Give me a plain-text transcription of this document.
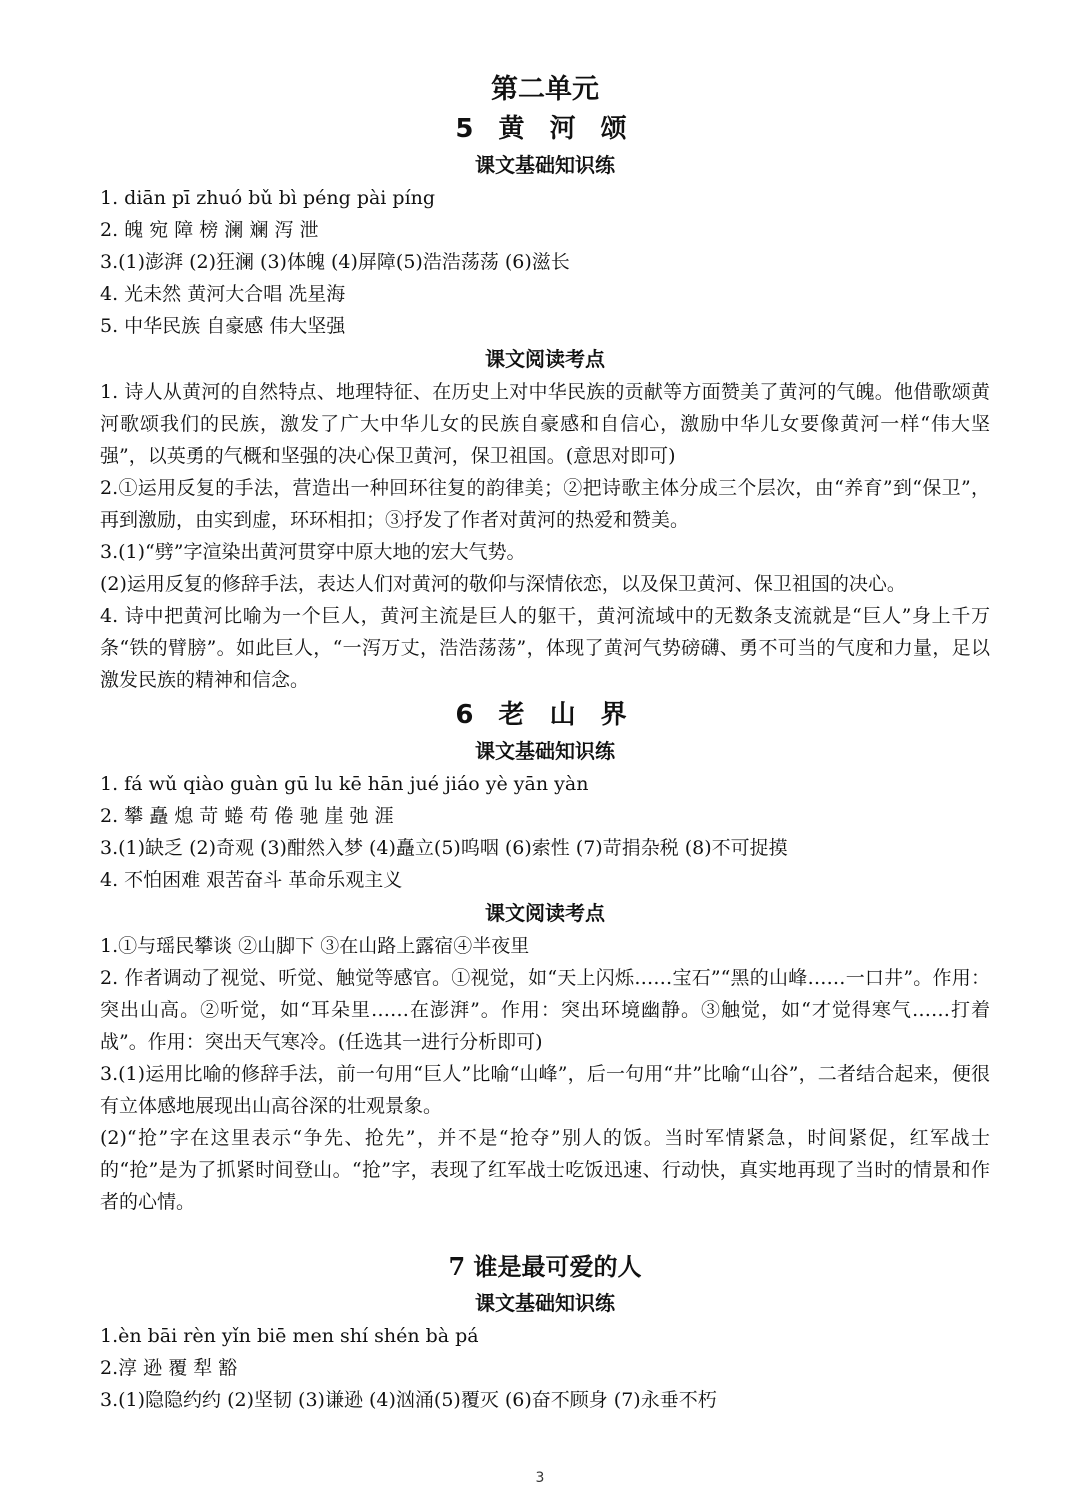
第二单元
5 黄 河 颂
课文基础知识练

1. diān pī zhuó bǔ bì péng pài píng

2. 魄 宛 障 榜 澜 斓 泻 泄

3.(1)澎湃 (2)狂澜 (3)体魄 (4)屏障(5)浩浩荡荡 (6)滋长

4. 光未然 黄河大合唱 冼星海

5. 中华民族 自豪感 伟大坚强

课文阅读考点

1. 诗人从黄河的自然特点、地理特征、在历史上对中华民族的贡献等方面赞美了黄河的气魄。他借歌颂黄河歌颂我们的民族，激发了广大中华儿女的民族自豪感和自信心，激励中华儿女要像黄河一样“伟大坚强”，以英勇的气概和坚强的决心保卫黄河，保卫祖国。(意思对即可)

2.①运用反复的手法，营造出一种回环往复的韵律美；②把诗歌主体分成三个层次，由“养育”到“保卫”，再到激励，由实到虚，环环相扣；③抒发了作者对黄河的热爱和赞美。

3.(1)“劈”字渲染出黄河贯穿中原大地的宏大气势。

(2)运用反复的修辞手法，表达人们对黄河的敬仰与深情依恋，以及保卫黄河、保卫祖国的决心。

4. 诗中把黄河比喻为一个巨人，黄河主流是巨人的躯干，黄河流域中的无数条支流就是“巨人”身上千万条“铁的臂膀”。如此巨人，“一泻万丈，浩浩荡荡”，体现了黄河气势磅礴、勇不可当的气度和力量，足以激发民族的精神和信念。

6 老 山 界
课文基础知识练

1. fá wǔ qiào guàn gū lu kē hān jué jiáo yè yān yàn

2. 攀 矗 熄 苛 蜷 苟 倦 驰 崖 弛 涯

3.(1)缺乏 (2)奇观 (3)酣然入梦 (4)矗立(5)呜咽 (6)索性 (7)苛捐杂税 (8)不可捉摸

4. 不怕困难 艰苦奋斗 革命乐观主义

课文阅读考点

1.①与瑶民攀谈 ②山脚下 ③在山路上露宿④半夜里

2. 作者调动了视觉、听觉、触觉等感官。①视觉，如“天上闪烁……宝石”“黑的山峰……一口井”。作用：突出山高。②听觉，如“耳朵里……在澎湃”。作用：突出环境幽静。③触觉，如“才觉得寒气……打着战”。作用：突出天气寒冷。(任选其一进行分析即可)

3.(1)运用比喻的修辞手法，前一句用“巨人”比喻“山峰”，后一句用“井”比喻“山谷”，二者结合起来，便很有立体感地展现出山高谷深的壮观景象。

(2)“抢”字在这里表示“争先、抢先”，并不是“抢夺”别人的饭。当时军情紧急，时间紧促，红军战士的“抢”是为了抓紧时间登山。“抢”字，表现了红军战士吃饭迅速、行动快，真实地再现了当时的情景和作者的心情。

7 谁是最可爱的人
课文基础知识练

1.èn bāi rèn yǐn biē men shí shén bà pá

2.淳 逊 覆 犁 豁

3.(1)隐隐约约 (2)坚韧 (3)谦逊 (4)汹涌(5)覆灭 (6)奋不顾身 (7)永垂不朽

3
